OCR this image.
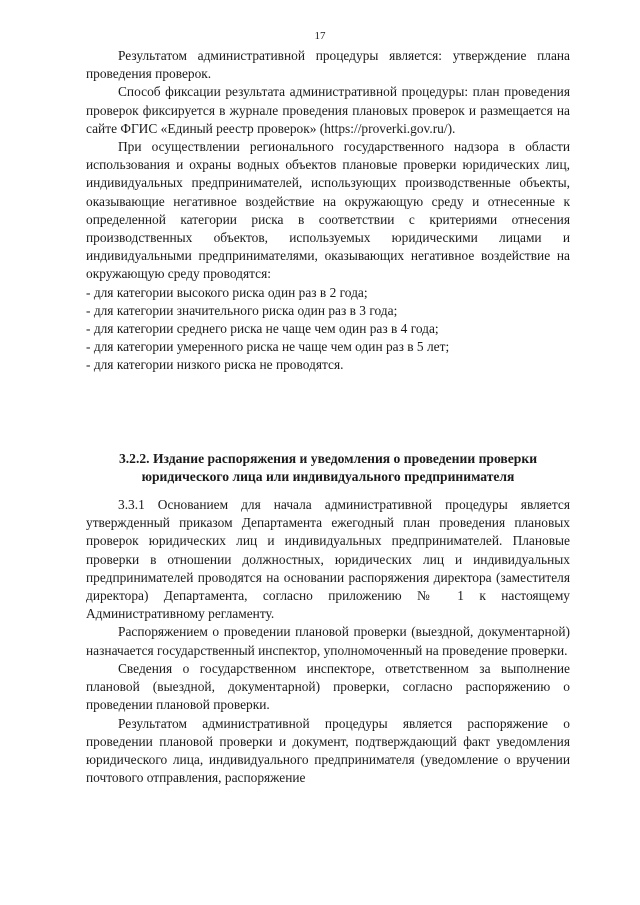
17

Результатом административной процедуры является: утверждение плана проведения проверок.

Способ фиксации результата административной процедуры: план проведения проверок фиксируется в журнале проведения плановых проверок и размещается на сайте ФГИС «Единый реестр проверок» (https://proverki.gov.ru/).

При осуществлении регионального государственного надзора в области использования и охраны водных объектов плановые проверки юридических лиц, индивидуальных предпринимателей, использующих производственные объекты, оказывающие негативное воздействие на окружающую среду и отнесенные к определенной категории риска в соответствии с критериями отнесения производственных объектов, используемых юридическими лицами и индивидуальными предпринимателями, оказывающих негативное воздействие на окружающую среду проводятся:

- для категории высокого риска один раз в 2 года;

- для категории значительного риска один раз в 3 года;

- для категории среднего риска не чаще чем один раз в 4 года;

- для категории умеренного риска не чаще чем один раз в 5 лет;

- для категории низкого риска не проводятся.

3.2.2. Издание распоряжения и уведомления о проведении проверки юридического лица или индивидуального предпринимателя

3.3.1 Основанием для начала административной процедуры является утвержденный приказом Департамента ежегодный план проведения плановых проверок юридических лиц и индивидуальных предпринимателей. Плановые проверки в отношении должностных, юридических лиц и индивидуальных предпринимателей проводятся на основании распоряжения директора (заместителя директора) Департамента, согласно приложению № 1 к настоящему Административному регламенту.

Распоряжением о проведении плановой проверки (выездной, документарной) назначается государственный инспектор, уполномоченный на проведение проверки.

Сведения о государственном инспекторе, ответственном за выполнение плановой (выездной, документарной) проверки, согласно распоряжению о проведении плановой проверки.

Результатом административной процедуры является распоряжение о проведении плановой проверки и документ, подтверждающий факт уведомления юридического лица, индивидуального предпринимателя (уведомление о вручении почтового отправления, распоряжение
